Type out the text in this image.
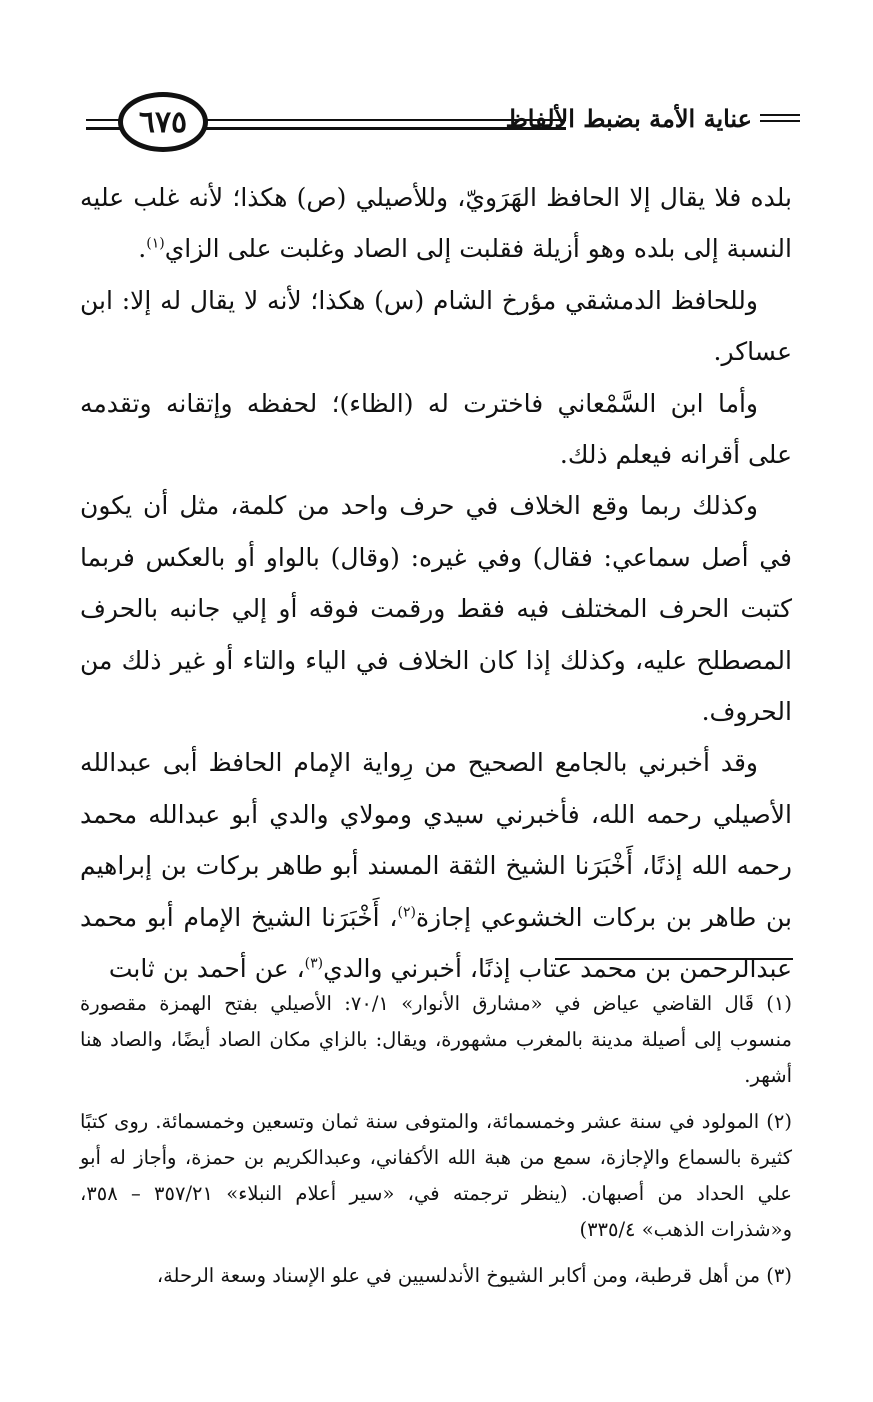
عناية الأمة بضبط الألفاظ
٦٧٥

بلده فلا يقال إلا الحافظ الهَرَويّ، وللأصيلي (ص) هكذا؛ لأنه غلب عليه النسبة إلى بلده وهو أزيلة فقلبت إلى الصاد وغلبت على الزاي$^{(١)}$.

وللحافظ الدمشقي مؤرخ الشام (س) هكذا؛ لأنه لا يقال له إلا: ابن عساكر.

وأما ابن السَّمْعاني فاخترت له (الظاء)؛ لحفظه وإتقانه وتقدمه على أقرانه فيعلم ذلك.

وكذلك ربما وقع الخلاف في حرف واحد من كلمة، مثل أن يكون في أصل سماعي: فقال) وفي غيره: (وقال) بالواو أو بالعكس فربما كتبت الحرف المختلف فيه فقط ورقمت فوقه أو إلي جانبه بالحرف المصطلح عليه، وكذلك إذا كان الخلاف في الياء والتاء أو غير ذلك من الحروف.

وقد أخبرني بالجامع الصحيح من رِواية الإمام الحافظ أبى عبدالله الأصيلي رحمه الله، فأخبرني سيدي ومولاي والدي أبو عبدالله محمد رحمه الله إذنًا، أَخْبَرَنا الشيخ الثقة المسند أبو طاهر بركات بن إبراهيم بن طاهر بن بركات الخشوعي إجازة$^{(٢)}$، أَخْبَرَنا الشيخ الإمام أبو محمد عبدالرحمن بن محمد عتاب إذنًا، أخبرني والدي$^{(٣)}$، عن أحمد بن ثابت

(١) قَال القاضي عياض في «مشارق الأنوار» ٧٠/١: الأصيلي بفتح الهمزة مقصورة منسوب إلى أصيلة مدينة بالمغرب مشهورة، ويقال: بالزاي مكان الصاد أيضًا، والصاد هنا أشهر.

(٢) المولود في سنة عشر وخمسمائة، والمتوفى سنة ثمان وتسعين وخمسمائة. روى كتبًا كثيرة بالسماع والإجازة، سمع من هبة الله الأكفاني، وعبدالكريم بن حمزة، وأجاز له أبو علي الحداد من أصبهان. (ينظر ترجمته في، «سير أعلام النبلاء» ٣٥٧/٢١ – ٣٥٨، و«شذرات الذهب» ٣٣٥/٤)

(٣) من أهل قرطبة، ومن أكابر الشيوخ الأندلسيين في علو الإسناد وسعة الرحلة،
